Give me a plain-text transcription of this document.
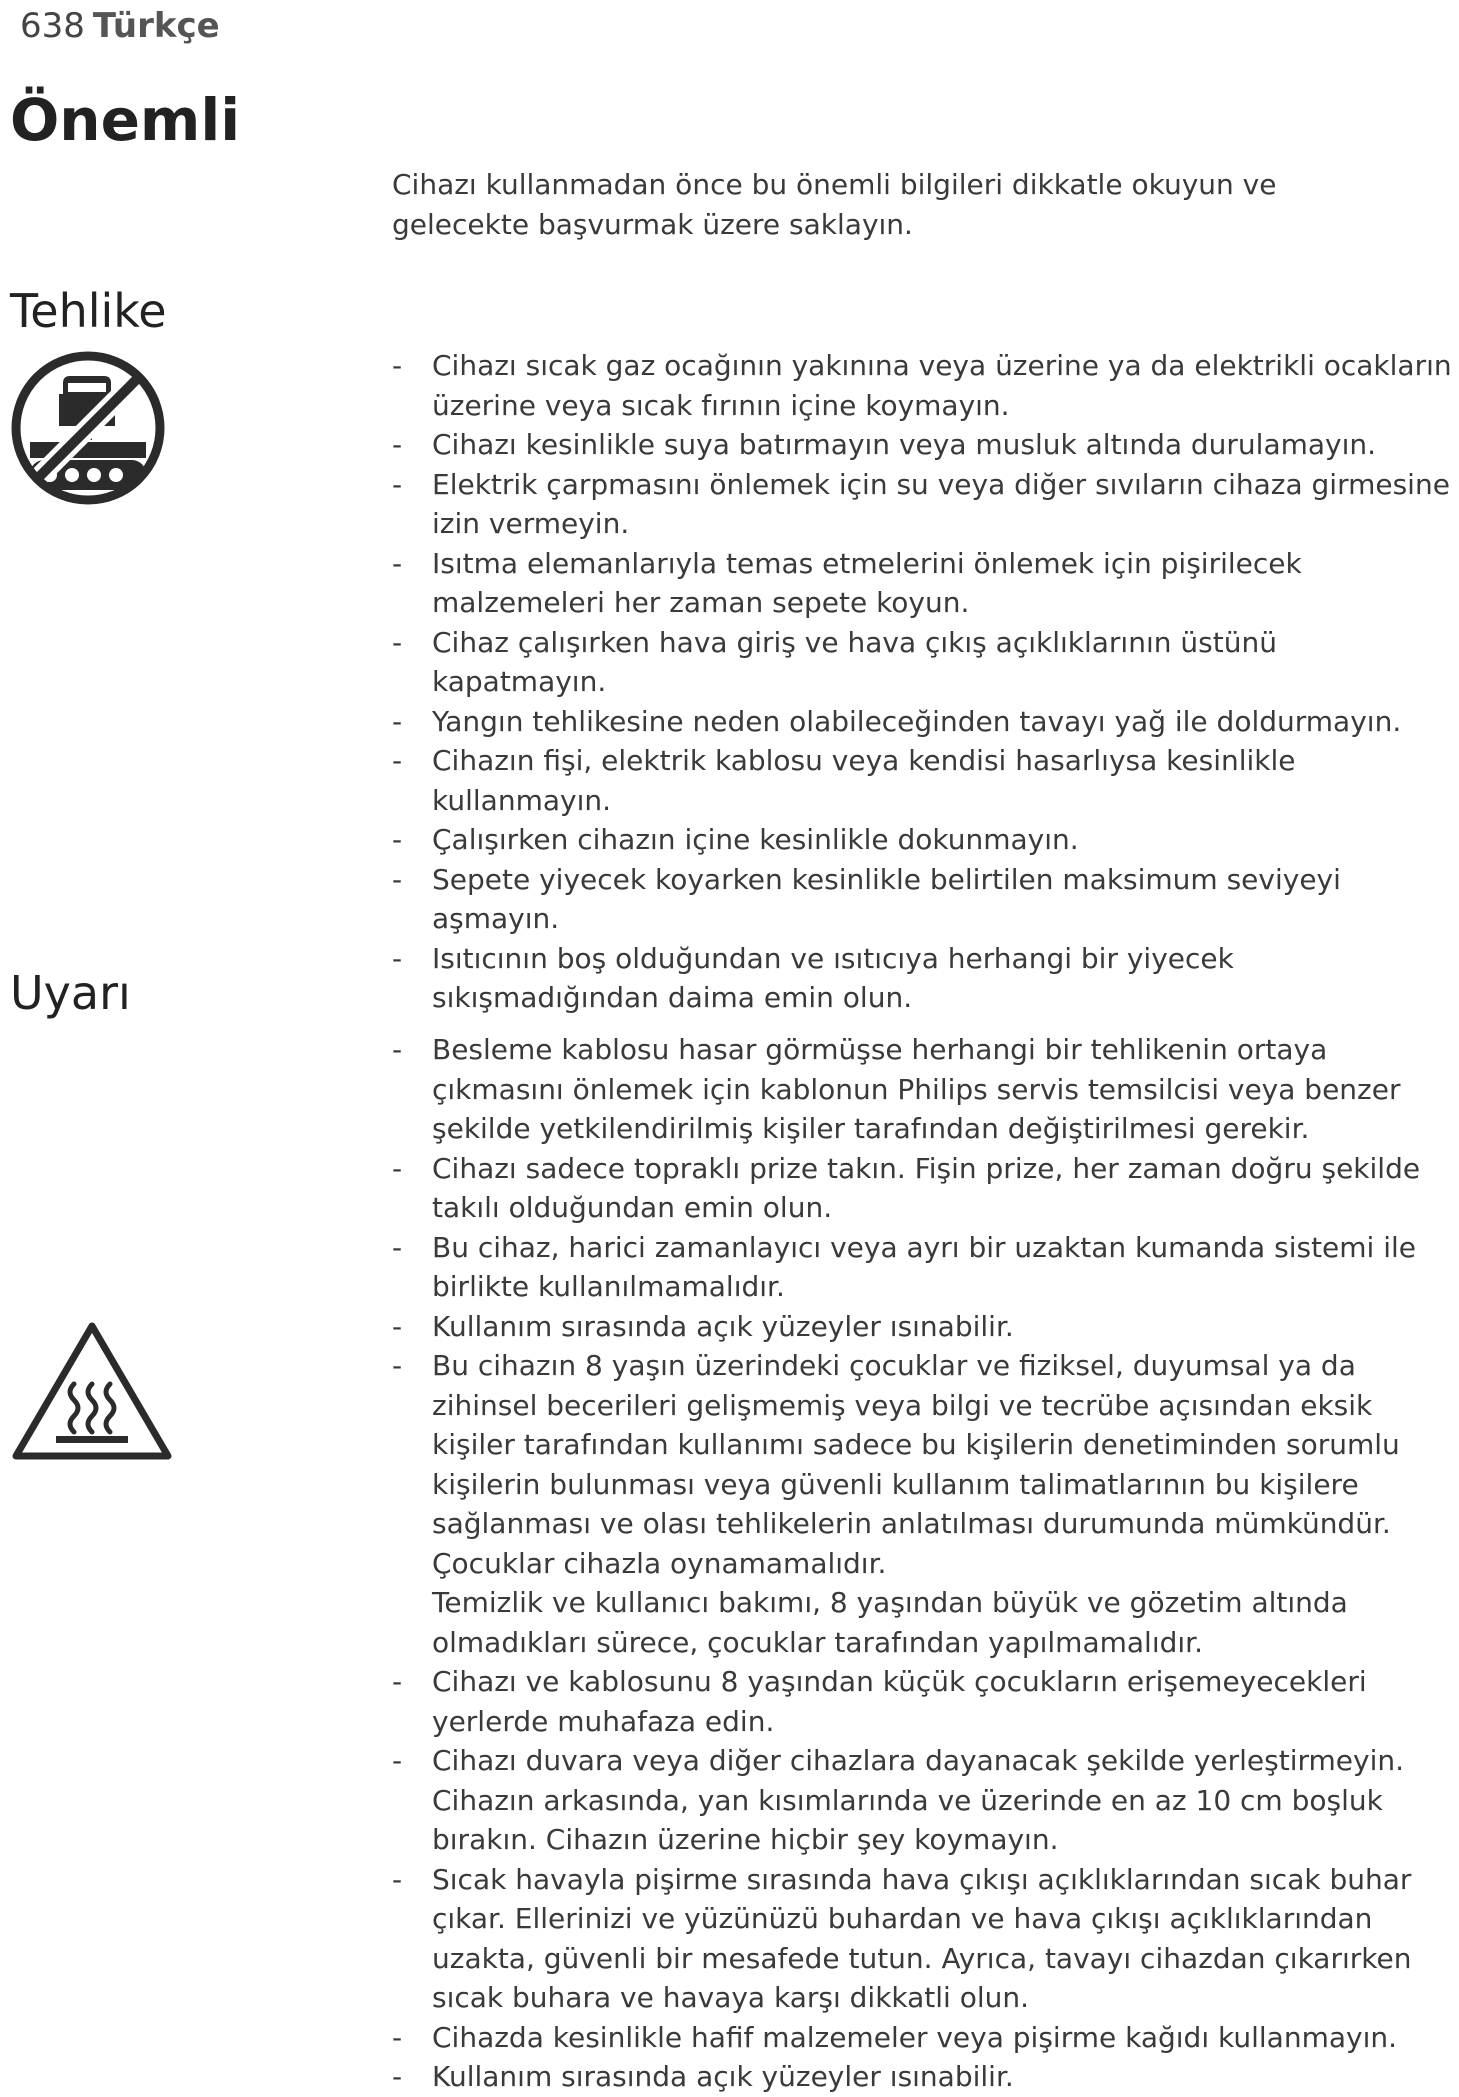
638 Türkçe
Önemli

Cihazı kullanmadan önce bu önemli bilgileri dikkatle okuyun ve gelecekte başvurmak üzere saklayın.

Tehlike
- Cihazı sıcak gaz ocağının yakınına veya üzerine ya da elektrikli ocakların üzerine veya sıcak fırının içine koymayın.
- Cihazı kesinlikle suya batırmayın veya musluk altında durulamayın.
- Elektrik çarpmasını önlemek için su veya diğer sıvıların cihaza girmesine izin vermeyin.
- Isıtma elemanlarıyla temas etmelerini önlemek için pişirilecek malzemeleri her zaman sepete koyun.
- Cihaz çalışırken hava giriş ve hava çıkış açıklıklarının üstünü kapatmayın.
- Yangın tehlikesine neden olabileceğinden tavayı yağ ile doldurmayın.
- Cihazın fişi, elektrik kablosu veya kendisi hasarlıysa kesinlikle kullanmayın.
- Çalışırken cihazın içine kesinlikle dokunmayın.
- Sepete yiyecek koyarken kesinlikle belirtilen maksimum seviyeyi aşmayın.
- Isıtıcının boş olduğundan ve ısıtıcıya herhangi bir yiyecek sıkışmadığından daima emin olun.
Uyarı
- Besleme kablosu hasar görmüşse herhangi bir tehlikenin ortaya çıkmasını önlemek için kablonun Philips servis temsilcisi veya benzer şekilde yetkilendirilmiş kişiler tarafından değiştirilmesi gerekir.
- Cihazı sadece topraklı prize takın. Fişin prize, her zaman doğru şekilde takılı olduğundan emin olun.
- Bu cihaz, harici zamanlayıcı veya ayrı bir uzaktan kumanda sistemi ile birlikte kullanılmamalıdır.
- Kullanım sırasında açık yüzeyler ısınabilir.
- Bu cihazın 8 yaşın üzerindeki çocuklar ve fiziksel, duyumsal ya da zihinsel becerileri gelişmemiş veya bilgi ve tecrübe açısından eksik kişiler tarafından kullanımı sadece bu kişilerin denetiminden sorumlu kişilerin bulunması veya güvenli kullanım talimatlarının bu kişilere sağlanması ve olası tehlikelerin anlatılması durumunda mümkündür. Çocuklar cihazla oynamamalıdır.
Temizlik ve kullanıcı bakımı, 8 yaşından büyük ve gözetim altında olmadıkları sürece, çocuklar tarafından yapılmamalıdır.
- Cihazı ve kablosunu 8 yaşından küçük çocukların erişemeyecekleri yerlerde muhafaza edin.
- Cihazı duvara veya diğer cihazlara dayanacak şekilde yerleştirmeyin. Cihazın arkasında, yan kısımlarında ve üzerinde en az 10 cm boşluk bırakın. Cihazın üzerine hiçbir şey koymayın.
- Sıcak havayla pişirme sırasında hava çıkışı açıklıklarından sıcak buhar çıkar. Ellerinizi ve yüzünüzü buhardan ve hava çıkışı açıklıklarından uzakta, güvenli bir mesafede tutun. Ayrıca, tavayı cihazdan çıkarırken sıcak buhara ve havaya karşı dikkatli olun.
- Cihazda kesinlikle hafif malzemeler veya pişirme kağıdı kullanmayın.
- Kullanım sırasında açık yüzeyler ısınabilir.
